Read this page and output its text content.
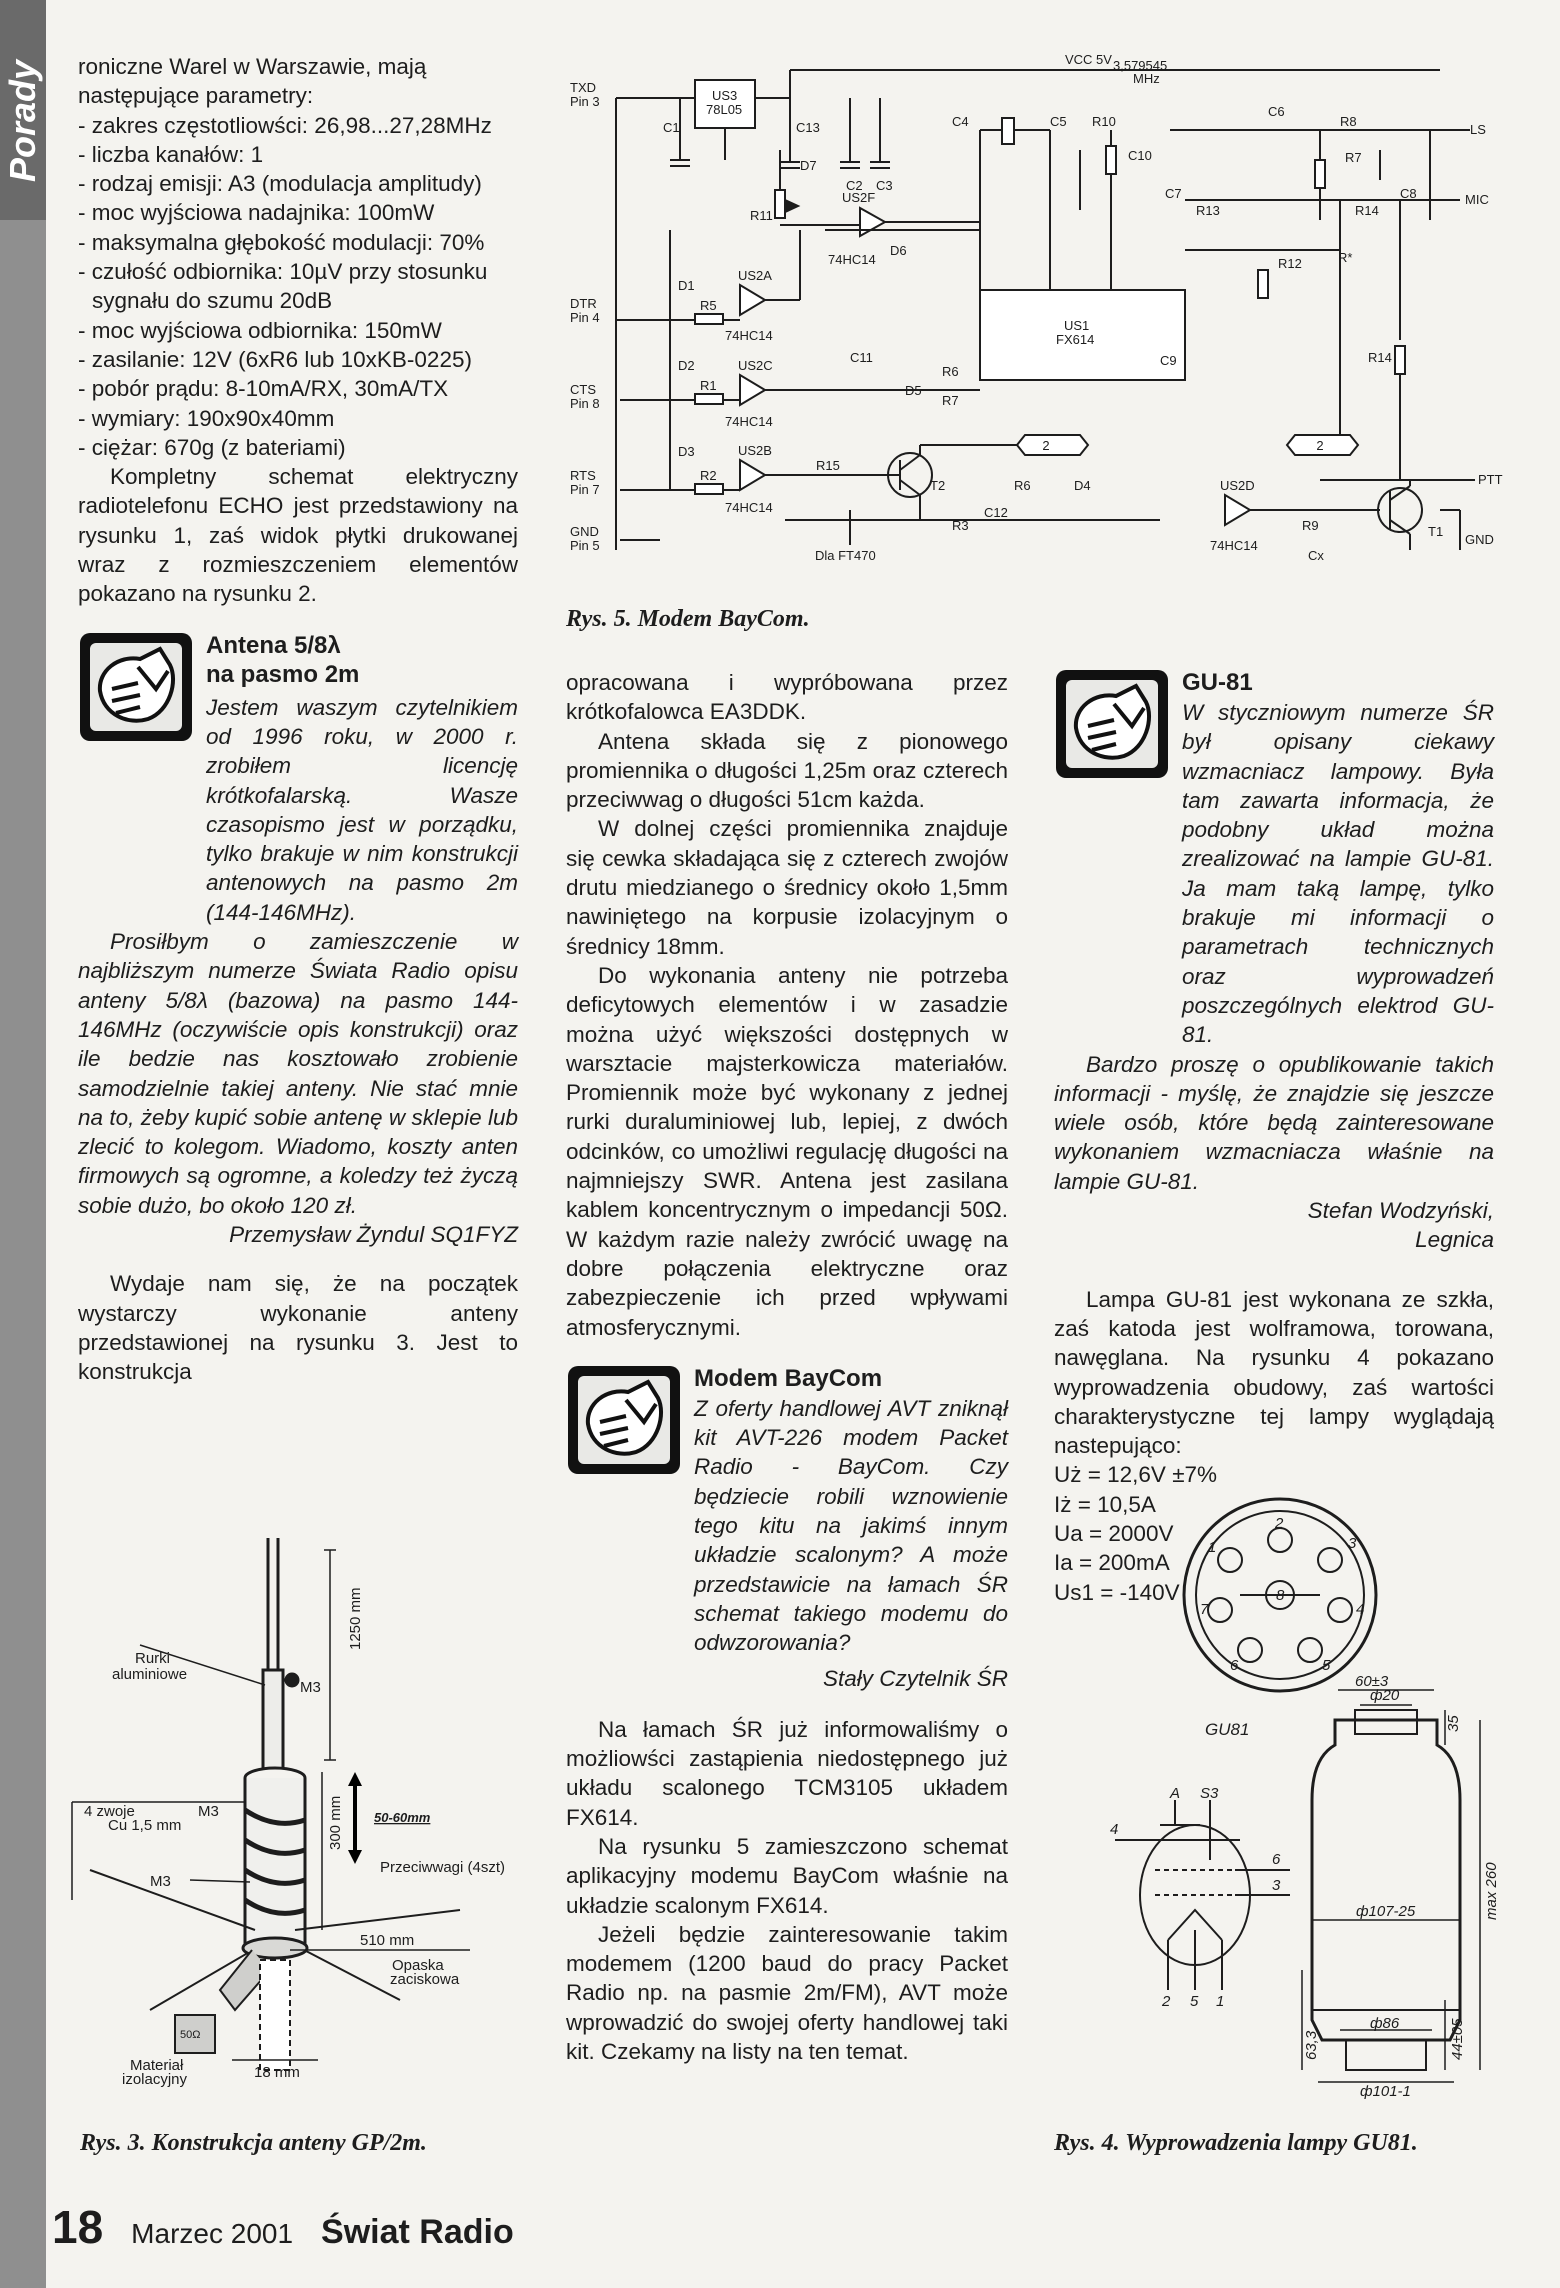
Porady roniczne Warel w Warszawie, mają następujące parametry:

- zakres częstotliowści: 26,98...27,28MHz
- liczba kanałów: 1
- rodzaj emisji: A3 (modulacja amplitudy)
- moc wyjściowa nadajnika: 100mW
- maksymalna głębokość modulacji: 70%
- czułość odbiornika: 10µV przy stosunku sygnału do szumu 20dB
- moc wyjściowa odbiornika: 150mW
- zasilanie: 12V (6xR6 lub 10xKB-0225)
- pobór prądu: 8-10mA/RX, 30mA/TX
- wymiary: 190x90x40mm
- ciężar: 670g (z bateriami)

Kompletny schemat elektryczny radiotelefonu ECHO jest przedstawiony na rysunku 1, zaś widok płytki drukowanej wraz z rozmieszczeniem elementów pokazano na rysunku 2.

Antena 5/8λ
na pasmo 2m

Jestem waszym czytelnikiem od 1996 roku, w 2000 r. zrobiłem licencję krótkofalarską. Wasze czasopismo jest w porządku, tylko brakuje w nim konstrukcji antenowych na pasmo 2m (144-146MHz).

Prosiłbym o zamieszczenie w najbliższym numerze Świata Radio opisu anteny 5/8λ (bazowa) na pasmo 144-146MHz (oczywiście opis konstrukcji) oraz ile bedzie nas kosztowało zrobienie samodzielnie takiej anteny. Nie stać mnie na to, żeby kupić sobie antenę w sklepie lub zlecić to kolegom. Wiadomo, koszty anten firmowych są ogromne, a koledzy też życzą sobie dużo, bo około 120 zł.

Przemysław Żyndul SQ1FYZ

Wydaje nam się, że na początek wystarczy wykonanie anteny przedstawionej na rysunku 3. Jest to konstrukcja

Rurki aluminiowe
M3
1250 mm
4 zwoje Cu 1,5 mm
M3	300 mm 50-60mm
Przeciwwagi (4szt)
M3
510 mm
Opaska zaciskowa
50Ω
Materiał izolacyjny	18 mm
Rys. 3. Konstrukcja anteny GP/2m.
VCC 5V 3,579545 MHz
TXD Pin 3
DTR Pin 4
CTS Pin 8
RTS Pin 7
GND Pin 5
US3 78L05
US1 FX614
74HC14
74HC14
74HC14
74HC14
74HC14
US2A
US2C
US2B
US2F
US2D
Dla FT470
LS
MIC
PTT
GND
C1	C13
C2 C3
C4	C5 R10
C10
C6
R8
R7
C7
R13	R14
C8
R12	R*
R11
D7
D6
D1
R5
D2
R1
D3
R2
C11
R6
D5
R7
C9	R14
R15
T2	R6	D4
R3
C12
R9
Cx
T1
2	2
Rys. 5. Modem BayCom.

opracowana i wypróbowana przez krótkofalowca EA3DDK.

Antena składa się z pionowego promiennika o długości 1,25m oraz czterech przeciwwag o długości 51cm każda.

W dolnej części promiennika znajduje się cewka składająca się z czterech zwojów drutu miedzianego o średnicy około 1,5mm nawiniętego na korpusie izolacyjnym o średnicy 18mm.

Do wykonania anteny nie potrzeba deficytowych elementów i w zasadzie można użyć większości dostępnych w warsztacie majsterkowicza materiałów. Promiennik może być wykonany z jednej rurki duraluminiowej lub, lepiej, z dwóch odcinków, co umożliwi regulację długości na najmniejszy SWR. Antena jest zasilana kablem koncentrycznym o impedancji 50Ω. W każdym razie należy zwrócić uwagę na dobre połączenia elektryczne oraz zabezpieczenie ich przed wpływami atmosferycznymi.

Modem BayCom

Z oferty handlowej AVT zniknął kit AVT-226 modem Packet Radio - BayCom. Czy będziecie robili wznowienie tego kitu na jakimś innym układzie scalonym? A może przedstawicie na łamach ŚR schemat takiego modemu do odwzorowania?

Stały Czytelnik ŚR

Na łamach ŚR już informowaliśmy o możliowści zastąpienia niedostępnego już układu scalonego TCM3105 układem FX614.

Na rysunku 5 zamieszczono schemat aplikacyjny modemu BayCom właśnie na układzie scalonym FX614.

Jeżeli będzie zainteresowanie takim modemem (1200 baud do pracy Packet Radio np. na pasmie 2m/FM), AVT może wprowadzić do swojej oferty handlowej taki kit. Czekamy na listy na ten temat.

GU-81

W styczniowym numerze ŚR był opisany ciekawy wzmacniacz lampowy. Była tam zawarta informacja, że podobny układ można zrealizować na lampie GU-81. Ja mam taką lampę, tylko brakuje mi informacji o parametrach technicznych oraz wyprowadzeń poszczególnych elektrod GU-81.

Bardzo proszę o opublikowanie takich informacji - myślę, że znajdzie się jeszcze wiele osób, które będą zainteresowane wykonaniem wzmacniacza właśnie na lampie GU-81.

Stefan Wodzyński,

Legnica

Lampa GU-81 jest wykonana ze szkła, zaś katoda jest wolframowa, torowana, nawęglana. Na rysunku 4 pokazano wyprowadzenia obudowy, zaś wartości charakterystyczne tej lampy wyglądają nastepująco:

Uż = 12,6V ±7%

Iż = 10,5A

Ua = 2000V

Ia = 200mA

Us1 = -140V

1
2
3
4
5
6
7
8
GU81
60±3
ф20
35
ф107-25	max 260
ф86	44±05
63,3
ф101-1
A S3
4
6
3
2 5 1
Rys. 4. Wyprowadzenia lampy GU81.
18 Marzec 2001 Świat Radio
